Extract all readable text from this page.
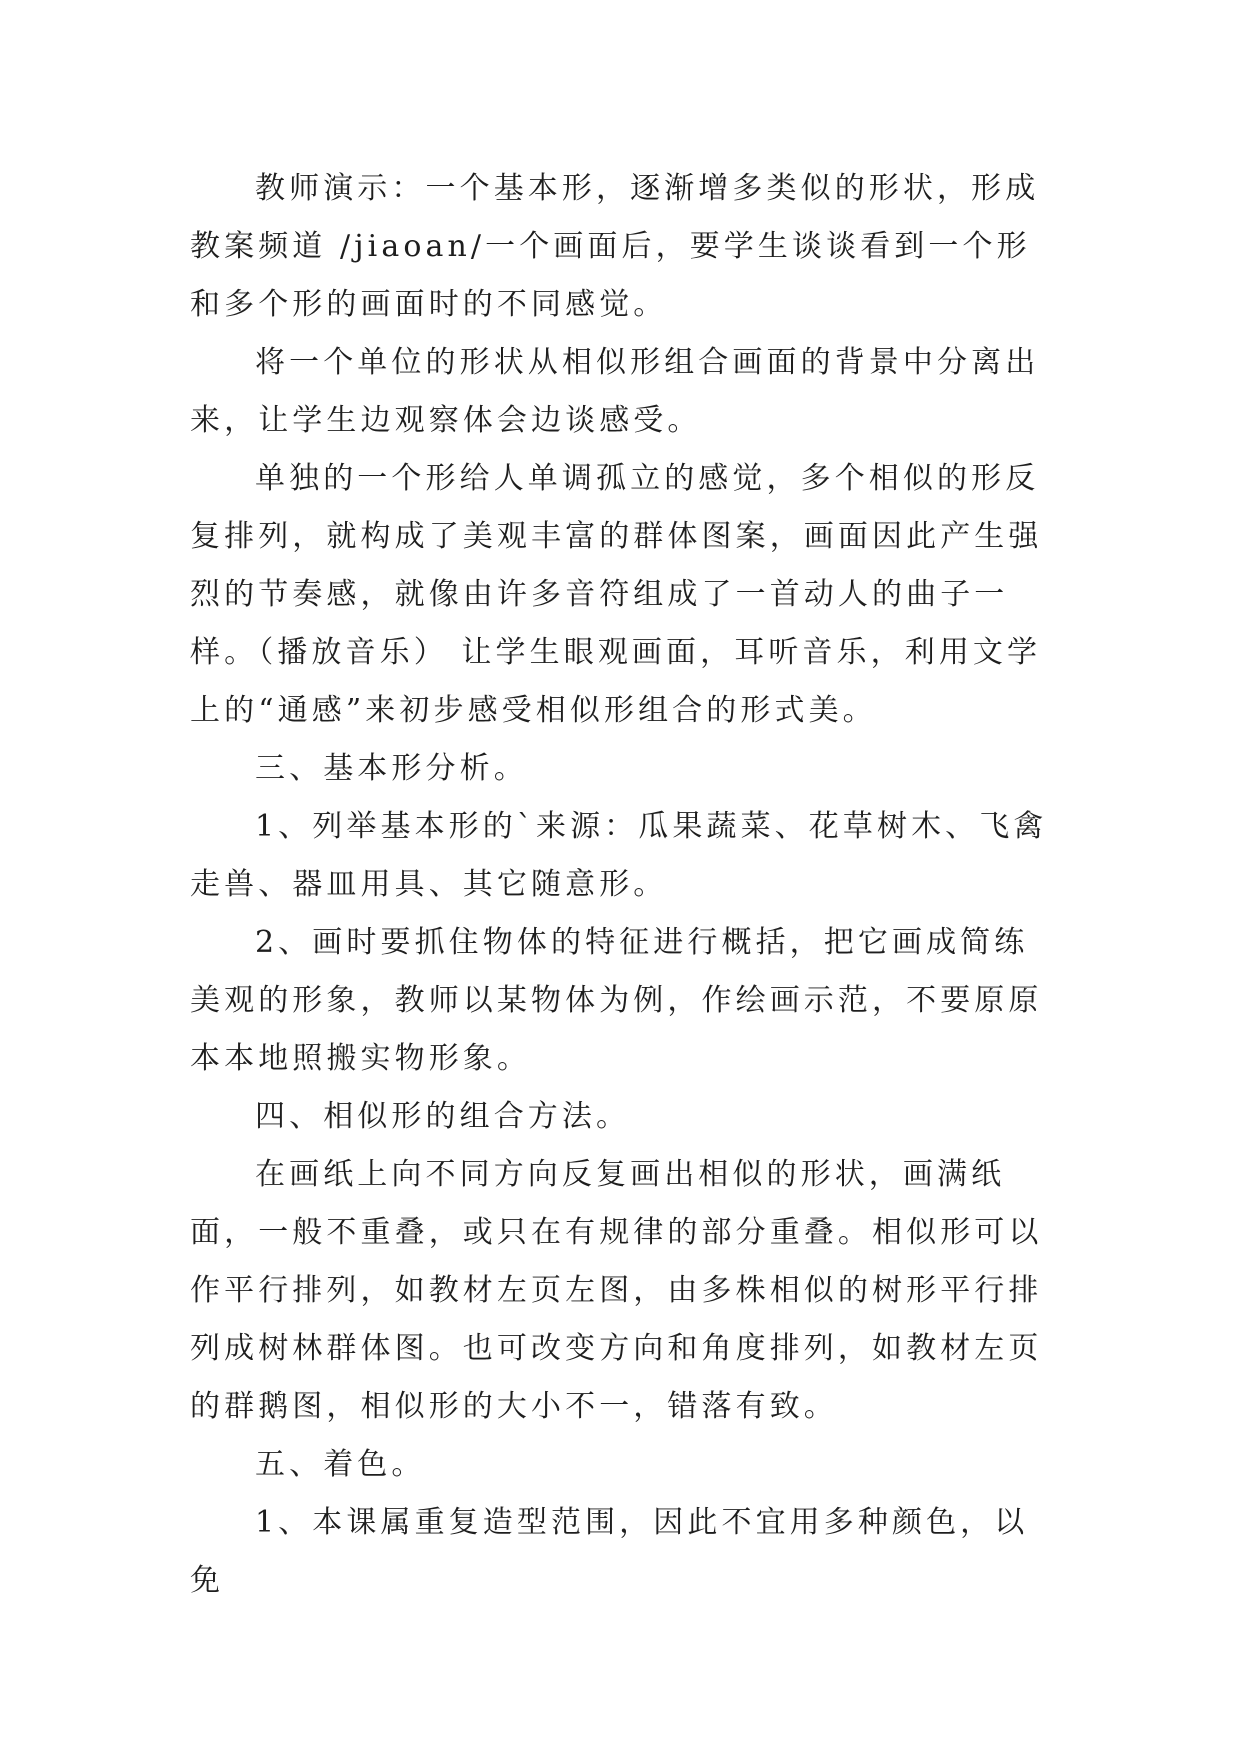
教师演示：一个基本形，逐渐增多类似的形状，形成教案频道 /jiaoan/一个画面后，要学生谈谈看到一个形和多个形的画面时的不同感觉。

将一个单位的形状从相似形组合画面的背景中分离出来，让学生边观察体会边谈感受。

单独的一个形给人单调孤立的感觉，多个相似的形反复排列，就构成了美观丰富的群体图案，画面因此产生强烈的节奏感，就像由许多音符组成了一首动人的曲子一样。（播放音乐） 让学生眼观画面，耳听音乐，利用文学上的“通感”来初步感受相似形组合的形式美。

三、基本形分析。

1、列举基本形的`来源：瓜果蔬菜、花草树木、飞禽走兽、器皿用具、其它随意形。

2、画时要抓住物体的特征进行概括，把它画成简练美观的形象，教师以某物体为例，作绘画示范，不要原原本本地照搬实物形象。

四、相似形的组合方法。

在画纸上向不同方向反复画出相似的形状，画满纸面，一般不重叠，或只在有规律的部分重叠。相似形可以作平行排列，如教材左页左图，由多株相似的树形平行排列成树林群体图。也可改变方向和角度排列，如教材左页的群鹅图，相似形的大小不一，错落有致。

五、着色。

1、本课属重复造型范围，因此不宜用多种颜色，以免
